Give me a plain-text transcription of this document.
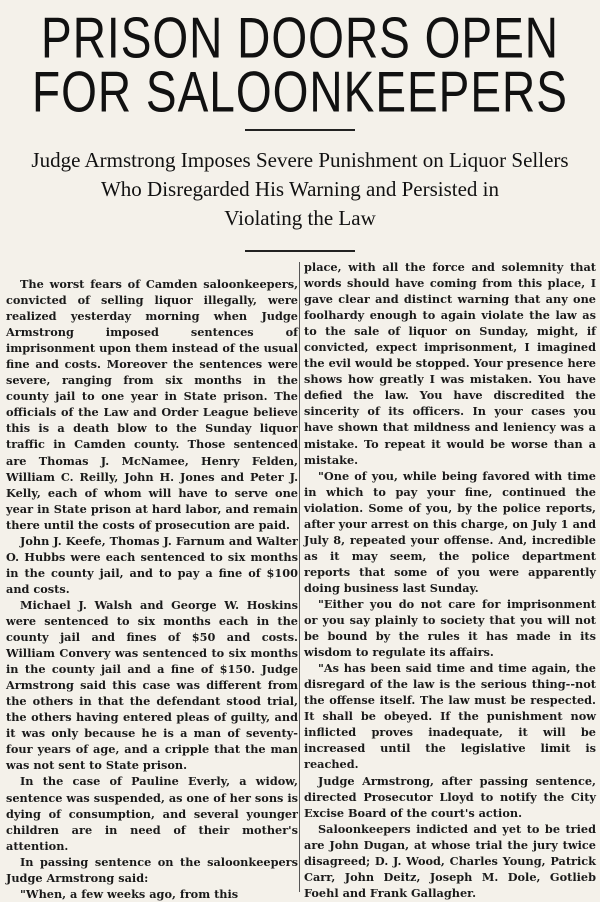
PRISON DOORS OPEN
FOR SALOONKEEPERS
Judge Armstrong Imposes Severe Punishment on Liquor Sellers
Who Disregarded His Warning and Persisted in
Violating the Law

The worst fears of Camden saloonkeepers, convicted of selling liquor illegally, were realized yesterday morning when Judge Armstrong imposed sentences of imprisonment upon them instead of the usual fine and costs. Moreover the sentences were severe, ranging from six months in the county jail to one year in State prison. The officials of the Law and Order League believe this is a death blow to the Sunday liquor traffic in Camden county. Those sentenced are Thomas J. McNamee, Henry Felden, William C. Reilly, John H. Jones and Peter J. Kelly, each of whom will have to serve one year in State prison at hard labor, and remain there until the costs of prosecution are paid.

John J. Keefe, Thomas J. Farnum and Walter O. Hubbs were each sentenced to six months in the county jail, and to pay a fine of $100 and costs.

Michael J. Walsh and George W. Hoskins were sentenced to six months each in the county jail and fines of $50 and costs. William Convery was sentenced to six months in the county jail and a fine of $150. Judge Armstrong said this case was different from the others in that the defendant stood trial, the others having entered pleas of guilty, and it was only because he is a man of seventy-four years of age, and a cripple that the man was not sent to State prison.

In the case of Pauline Everly, a widow, sentence was suspended, as one of her sons is dying of consumption, and several younger children are in need of their mother's attention.

In passing sentence on the saloonkeepers Judge Armstrong said:

"When, a few weeks ago, from this

place, with all the force and solemnity that words should have coming from this place, I gave clear and distinct warning that any one foolhardy enough to again violate the law as to the sale of liquor on Sunday, might, if convicted, expect imprisonment, I imagined the evil would be stopped. Your presence here shows how greatly I was mistaken. You have defied the law. You have discredited the sincerity of its officers. In your cases you have shown that mildness and leniency was a mistake. To repeat it would be worse than a mistake.

"One of you, while being favored with time in which to pay your fine, continued the violation. Some of you, by the police reports, after your arrest on this charge, on July 1 and July 8, repeated your offense. And, incredible as it may seem, the police department reports that some of you were apparently doing business last Sunday.

"Either you do not care for imprisonment or you say plainly to society that you will not be bound by the rules it has made in its wisdom to regulate its affairs.

"As has been said time and time again, the disregard of the law is the serious thing--not the offense itself. The law must be respected. It shall be obeyed. If the punishment now inflicted proves inadequate, it will be increased until the legislative limit is reached.

Judge Armstrong, after passing sentence, directed Prosecutor Lloyd to notify the City Excise Board of the court's action.

Saloonkeepers indicted and yet to be tried are John Dugan, at whose trial the jury twice disagreed; D. J. Wood, Charles Young, Patrick Carr, John Deitz, Joseph M. Dole, Gotlieb Foehl and Frank Gallagher.
